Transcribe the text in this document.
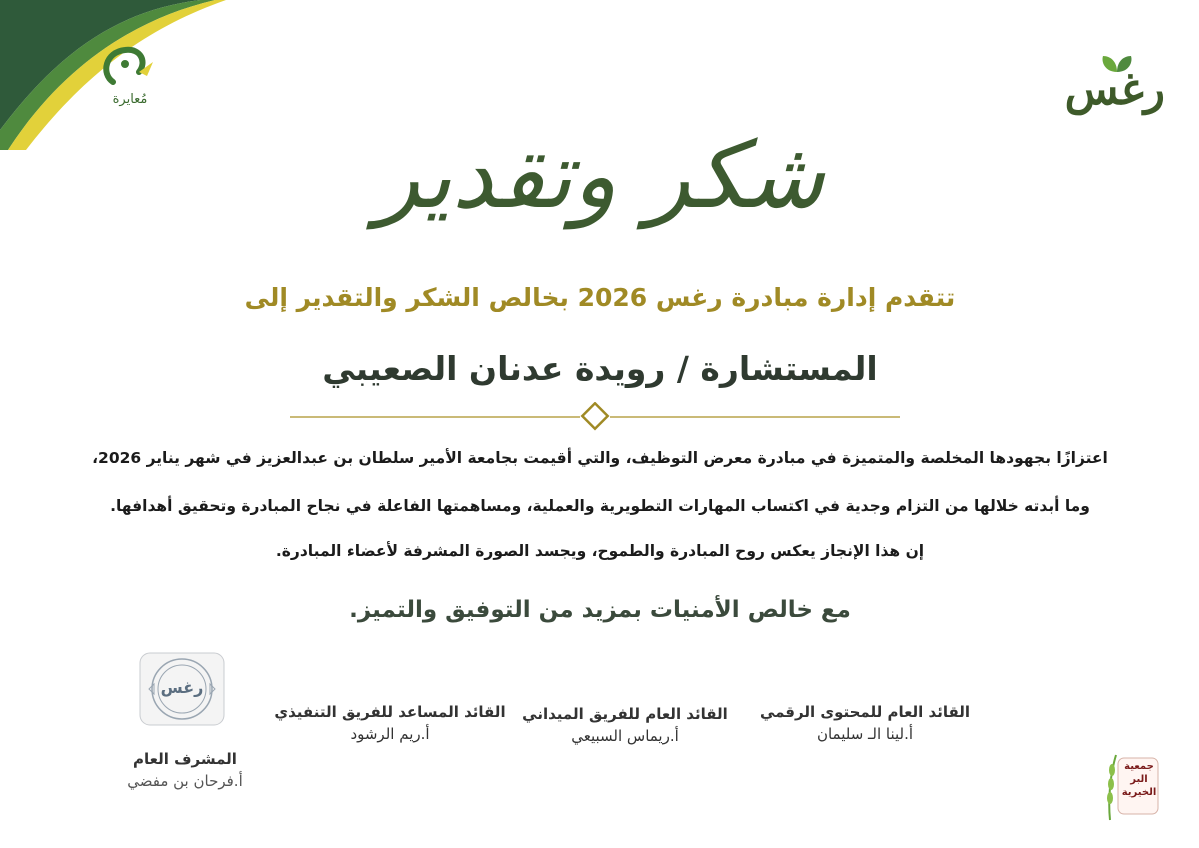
مُعايرة	رغس
شكر وتقدير
تتقدم إدارة مبادرة رغس 2026 بخالص الشكر والتقدير إلى
المستشارة / رويدة عدنان الصعيبي
اعتزازًا بجهودها المخلصة والمتميزة في مبادرة معرض التوظيف، والتي أقيمت بجامعة الأمير سلطان بن عبدالعزيز في شهر يناير 2026،
وما أبدته خلالها من التزام وجدية في اكتساب المهارات التطويرية والعملية، ومساهمتها الفاعلة في نجاح المبادرة وتحقيق أهدافها.
إن هذا الإنجاز يعكس روح المبادرة والطموح، ويجسد الصورة المشرفة لأعضاء المبادرة.
مع خالص الأمنيات بمزيد من التوفيق والتميز.
القائد العام للمحتوى الرقمي
أ.لينا الـ سليمان
القائد العام للفريق الميداني
أ.ريماس السبيعي
القائد المساعد للفريق التنفيذي
أ.ريم الرشود
رغس
المشرف العام
أ.فرحان بن مفضي
جمعية البر الخيرية
